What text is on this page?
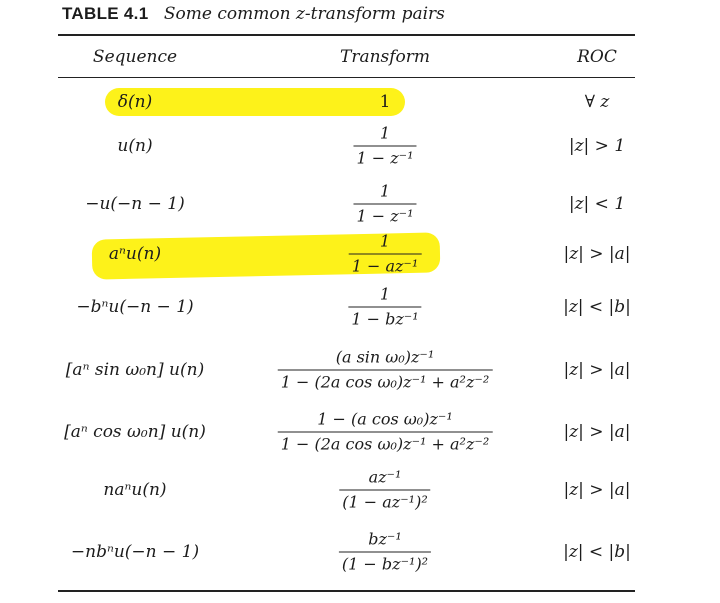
TABLE 4.1 Some common z-transform pairs
Sequence	Transform	ROC
δ(n)	1	∀ z
u(n)	$\frac{1}{\text{1 − z⁻¹}}$	|z| > 1
−u(−n − 1)	$\frac{1}{\text{1 − z⁻¹}}$	|z| < 1
aⁿu(n)	$\frac{1}{\text{1 − az⁻¹}}$	|z| > |a|
−bⁿu(−n − 1)	$\frac{1}{\text{1 − bz⁻¹}}$	|z| < |b|
[aⁿ sin ω₀n] u(n)	$\frac{\text{(a sin ω₀)z⁻¹}}{\text{1 − (2a cos ω₀)z⁻¹ + a²z⁻²}}$	|z| > |a|
[aⁿ cos ω₀n] u(n)	$\frac{\text{1 − (a cos ω₀)z⁻¹}}{\text{1 − (2a cos ω₀)z⁻¹ + a²z⁻²}}$	|z| > |a|
naⁿu(n)	$\frac{\text{az⁻¹}}{\text{(1 − az⁻¹)²}}$	|z| > |a|
−nbⁿu(−n − 1)	$\frac{\text{bz⁻¹}}{\text{(1 − bz⁻¹)²}}$	|z| < |b|
